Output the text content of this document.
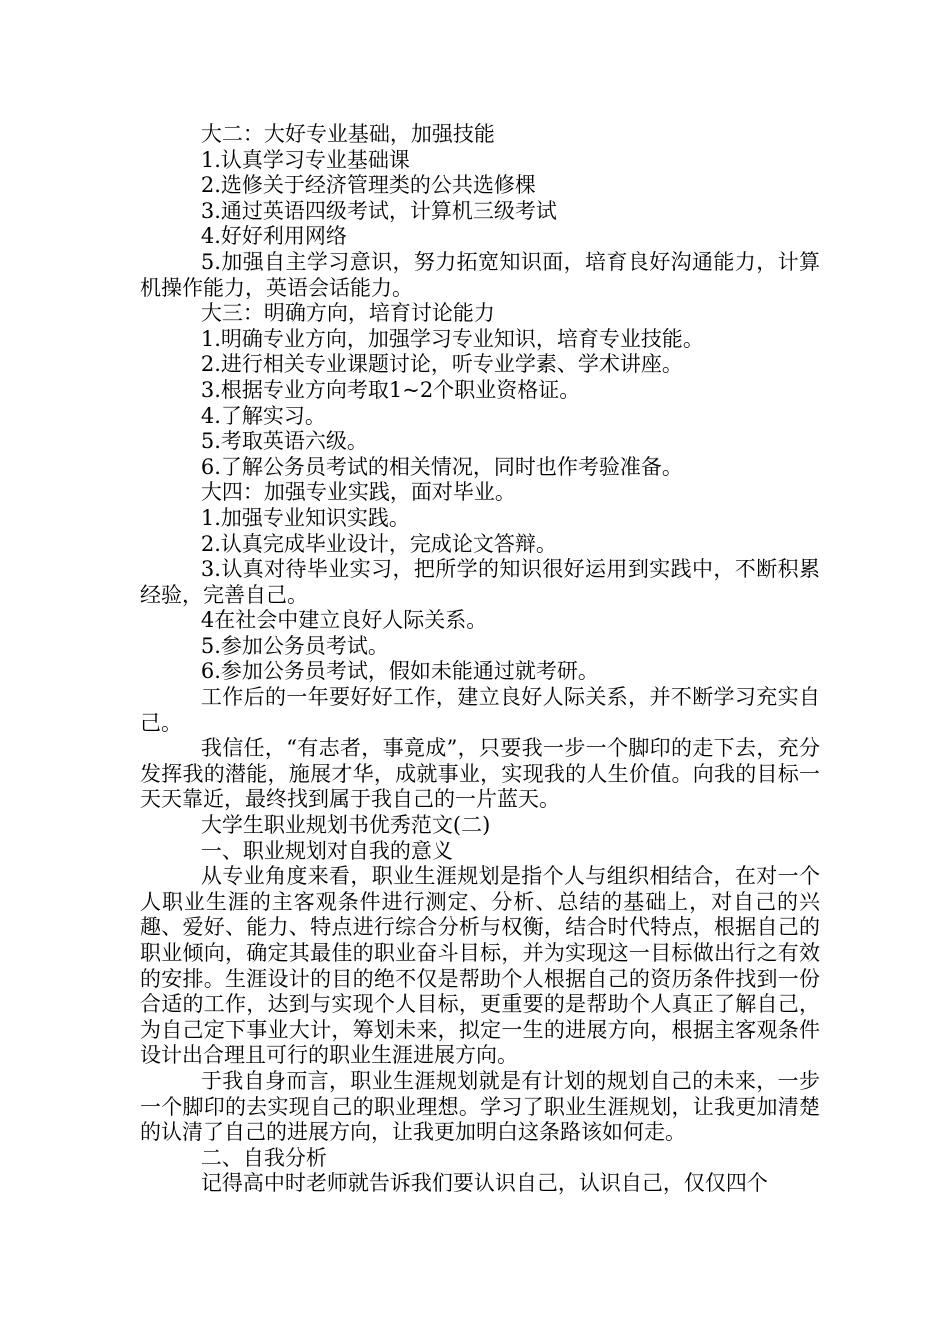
大二：大好专业基础，加强技能

1.认真学习专业基础课

2.选修关于经济管理类的公共选修棵

3.通过英语四级考试，计算机三级考试

4.好好利用网络

5.加强自主学习意识，努力拓宽知识面，培育良好沟通能力，计算机操作能力，英语会话能力。

大三：明确方向，培育讨论能力

1.明确专业方向，加强学习专业知识，培育专业技能。

2.进行相关专业课题讨论，听专业学素、学术讲座。

3.根据专业方向考取1~2个职业资格证。

4.了解实习。

5.考取英语六级。

6.了解公务员考试的相关情况，同时也作考验准备。

大四：加强专业实践，面对毕业。

1.加强专业知识实践。

2.认真完成毕业设计，完成论文答辩。

3.认真对待毕业实习，把所学的知识很好运用到实践中，不断积累经验，完善自己。

4在社会中建立良好人际关系。

5.参加公务员考试。

6.参加公务员考试，假如未能通过就考研。

工作后的一年要好好工作，建立良好人际关系，并不断学习充实自己。

我信任，“有志者，事竟成”，只要我一步一个脚印的走下去，充分发挥我的潜能，施展才华，成就事业，实现我的人生价值。向我的目标一天天靠近，最终找到属于我自己的一片蓝天。

大学生职业规划书优秀范文(二)

一、职业规划对自我的意义

从专业角度来看，职业生涯规划是指个人与组织相结合，在对一个人职业生涯的主客观条件进行测定、分析、总结的基础上，对自己的兴趣、爱好、能力、特点进行综合分析与权衡，结合时代特点，根据自己的职业倾向，确定其最佳的职业奋斗目标，并为实现这一目标做出行之有效的安排。生涯设计的目的绝不仅是帮助个人根据自己的资历条件找到一份合适的工作，达到与实现个人目标，更重要的是帮助个人真正了解自己，为自己定下事业大计，筹划未来，拟定一生的进展方向，根据主客观条件设计出合理且可行的职业生涯进展方向。

于我自身而言，职业生涯规划就是有计划的规划自己的未来，一步一个脚印的去实现自己的职业理想。学习了职业生涯规划，让我更加清楚的认清了自己的进展方向，让我更加明白这条路该如何走。

二、自我分析

记得高中时老师就告诉我们要认识自己，认识自己，仅仅四个
